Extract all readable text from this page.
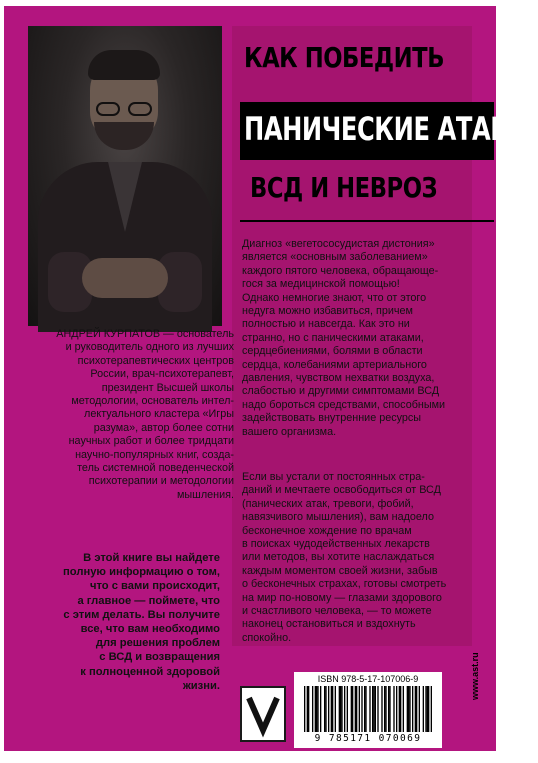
КАК ПОБЕДИТЬ
ПАНИЧЕСКИЕ АТАКИ,
ВСД И НЕВРОЗ

Диагноз «вегетососудистая дистония»
является «основным заболеванием»
каждого пятого человека, обращающе-
гося за медицинской помощью!
Однако немногие знают, что от этого
недуга можно избавиться, причем
полностью и навсегда. Как это ни
странно, но с паническими атаками,
сердцебиениями, болями в области
сердца, колебаниями артериального
давления, чувством нехватки воздуха,
слабостью и другими симптомами ВСД
надо бороться средствами, способными
задействовать внутренние ресурсы
вашего организма.

Если вы устали от постоянных стра-
даний и мечтаете освободиться от ВСД
(панических атак, тревоги, фобий,
навязчивого мышления), вам надоело
бесконечное хождение по врачам
в поисках чудодейственных лекарств
или методов, вы хотите наслаждаться
каждым моментом своей жизни, забыв
о бесконечных страхах, готовы смотреть
на мир по-новому — глазами здорового
и счастливого человека, — то можете
наконец остановиться и вздохнуть
спокойно.

АНДРЕЙ КУРПАТОВ — основатель
и руководитель одного из лучших
психотерапевтических центров
России, врач-психотерапевт,
президент Высшей школы
методологии, основатель интел-
лектуального кластера «Игры
разума», автор более сотни
научных работ и более тридцати
научно-популярных книг, созда-
тель системной поведенческой
психотерапии и методологии
мышления.

В этой книге вы найдете
полную информацию о том,
что с вами происходит,
а главное — поймете, что
с этим делать. Вы получите
все, что вам необходимо
для решения проблем
с ВСД и возвращения
к полноценной здоровой
жизни.

ISBN 978-5-17-107006-9
9 785171 070069
www.ast.ru
